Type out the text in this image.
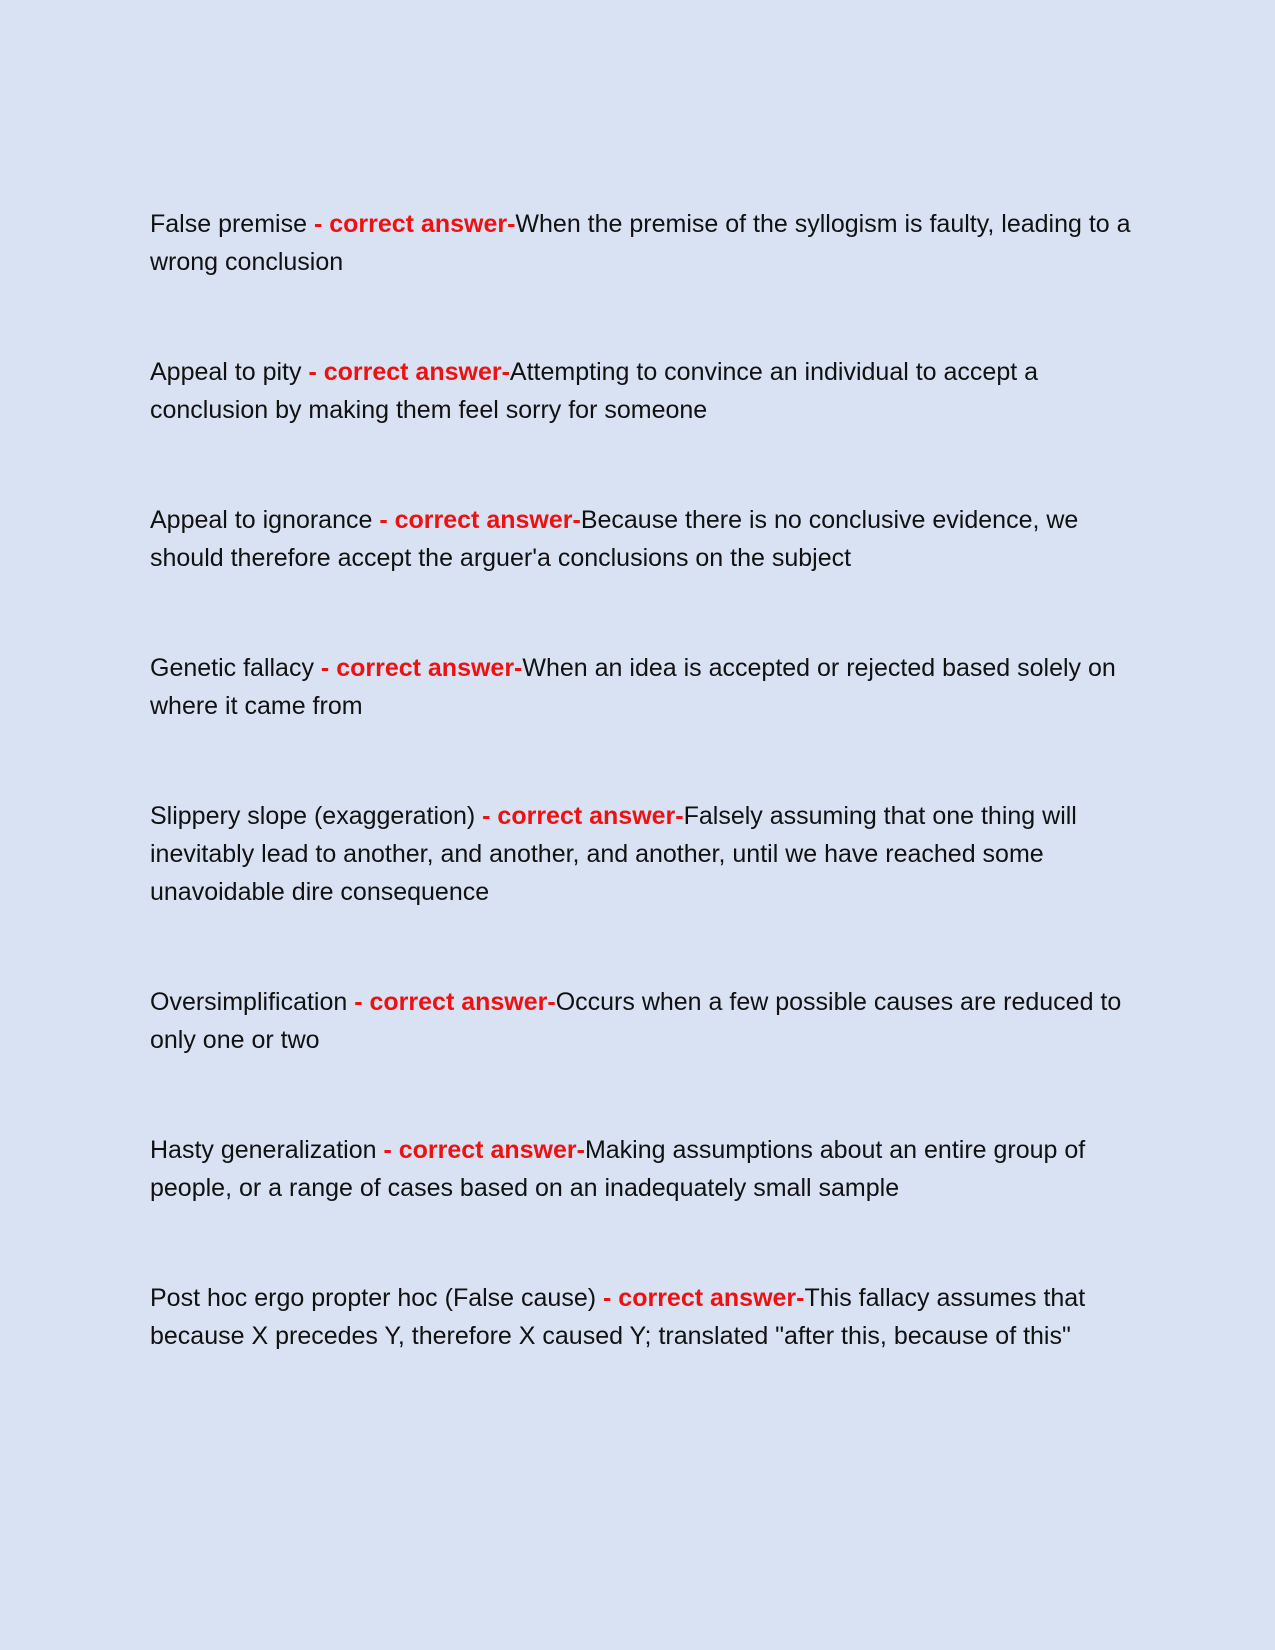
False premise - correct answer-When the premise of the syllogism is faulty, leading to a wrong conclusion

Appeal to pity - correct answer-Attempting to convince an individual to accept a conclusion by making them feel sorry for someone

Appeal to ignorance - correct answer-Because there is no conclusive evidence, we should therefore accept the arguer'a conclusions on the subject

Genetic fallacy - correct answer-When an idea is accepted or rejected based solely on where it came from

Slippery slope (exaggeration) - correct answer-Falsely assuming that one thing will inevitably lead to another, and another, and another, until we have reached some unavoidable dire consequence

Oversimplification - correct answer-Occurs when a few possible causes are reduced to only one or two

Hasty generalization - correct answer-Making assumptions about an entire group of people, or a range of cases based on an inadequately small sample

Post hoc ergo propter hoc (False cause) - correct answer-This fallacy assumes that because X precedes Y, therefore X caused Y; translated "after this, because of this"
